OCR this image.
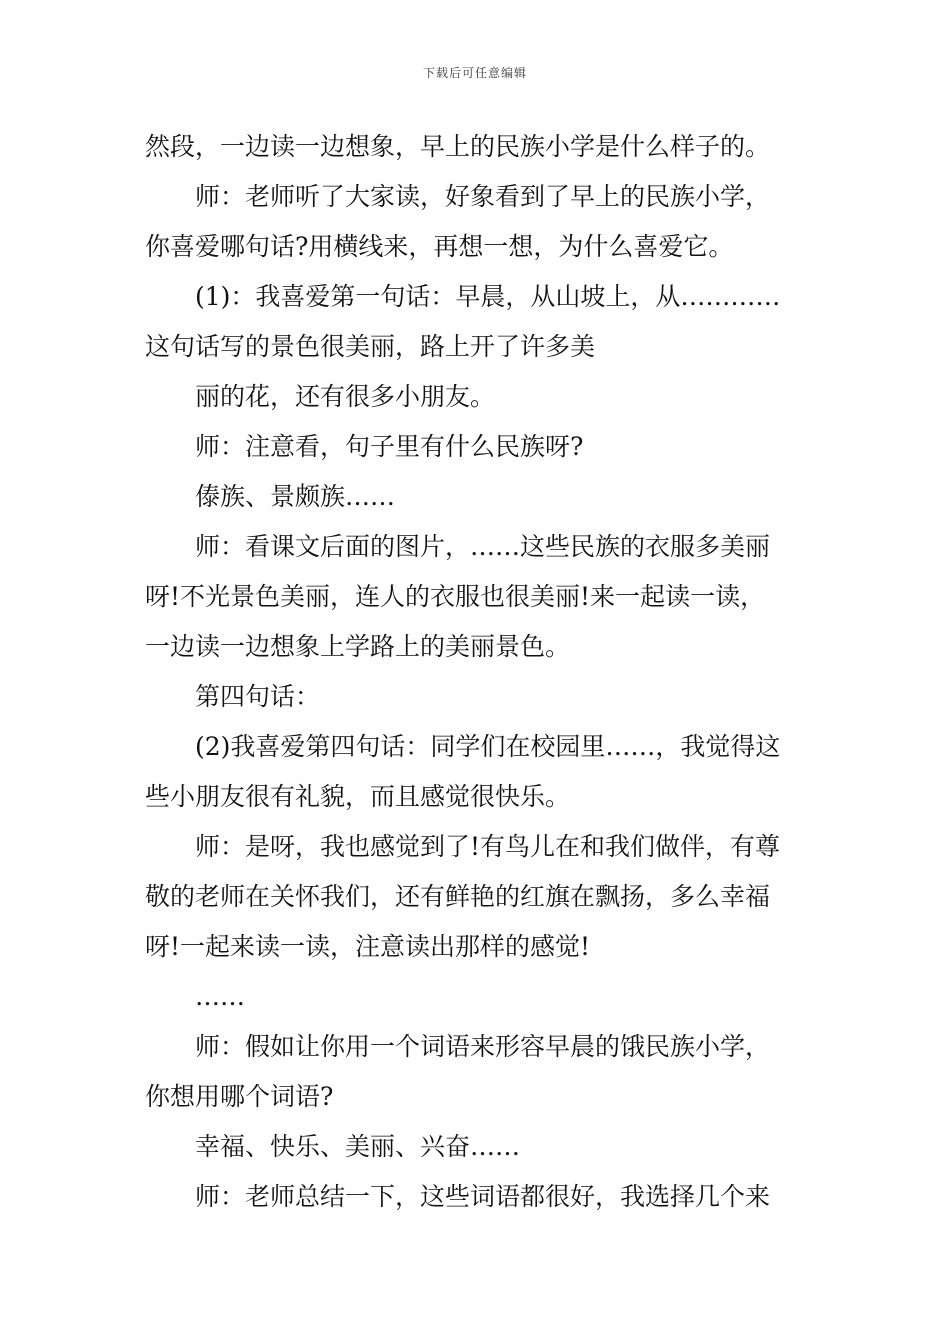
下载后可任意编辑
然段，一边读一边想象，早上的民族小学是什么样子的。
师：老师听了大家读，好象看到了早上的民族小学，
你喜爱哪句话?用横线来，再想一想，为什么喜爱它。
(1)：我喜爱第一句话：早晨，从山坡上，从…………
这句话写的景色很美丽，路上开了许多美
丽的花，还有很多小朋友。
师：注意看，句子里有什么民族呀?
傣族、景颇族……
师：看课文后面的图片，……这些民族的衣服多美丽
呀!不光景色美丽，连人的衣服也很美丽!来一起读一读，
一边读一边想象上学路上的美丽景色。
第四句话：
(2)我喜爱第四句话：同学们在校园里……，我觉得这
些小朋友很有礼貌，而且感觉很快乐。
师：是呀，我也感觉到了!有鸟儿在和我们做伴，有尊
敬的老师在关怀我们，还有鲜艳的红旗在飘扬，多么幸福
呀!一起来读一读，注意读出那样的感觉!
……
师：假如让你用一个词语来形容早晨的饿民族小学，
你想用哪个词语?
幸福、快乐、美丽、兴奋……
师：老师总结一下，这些词语都很好，我选择几个来
